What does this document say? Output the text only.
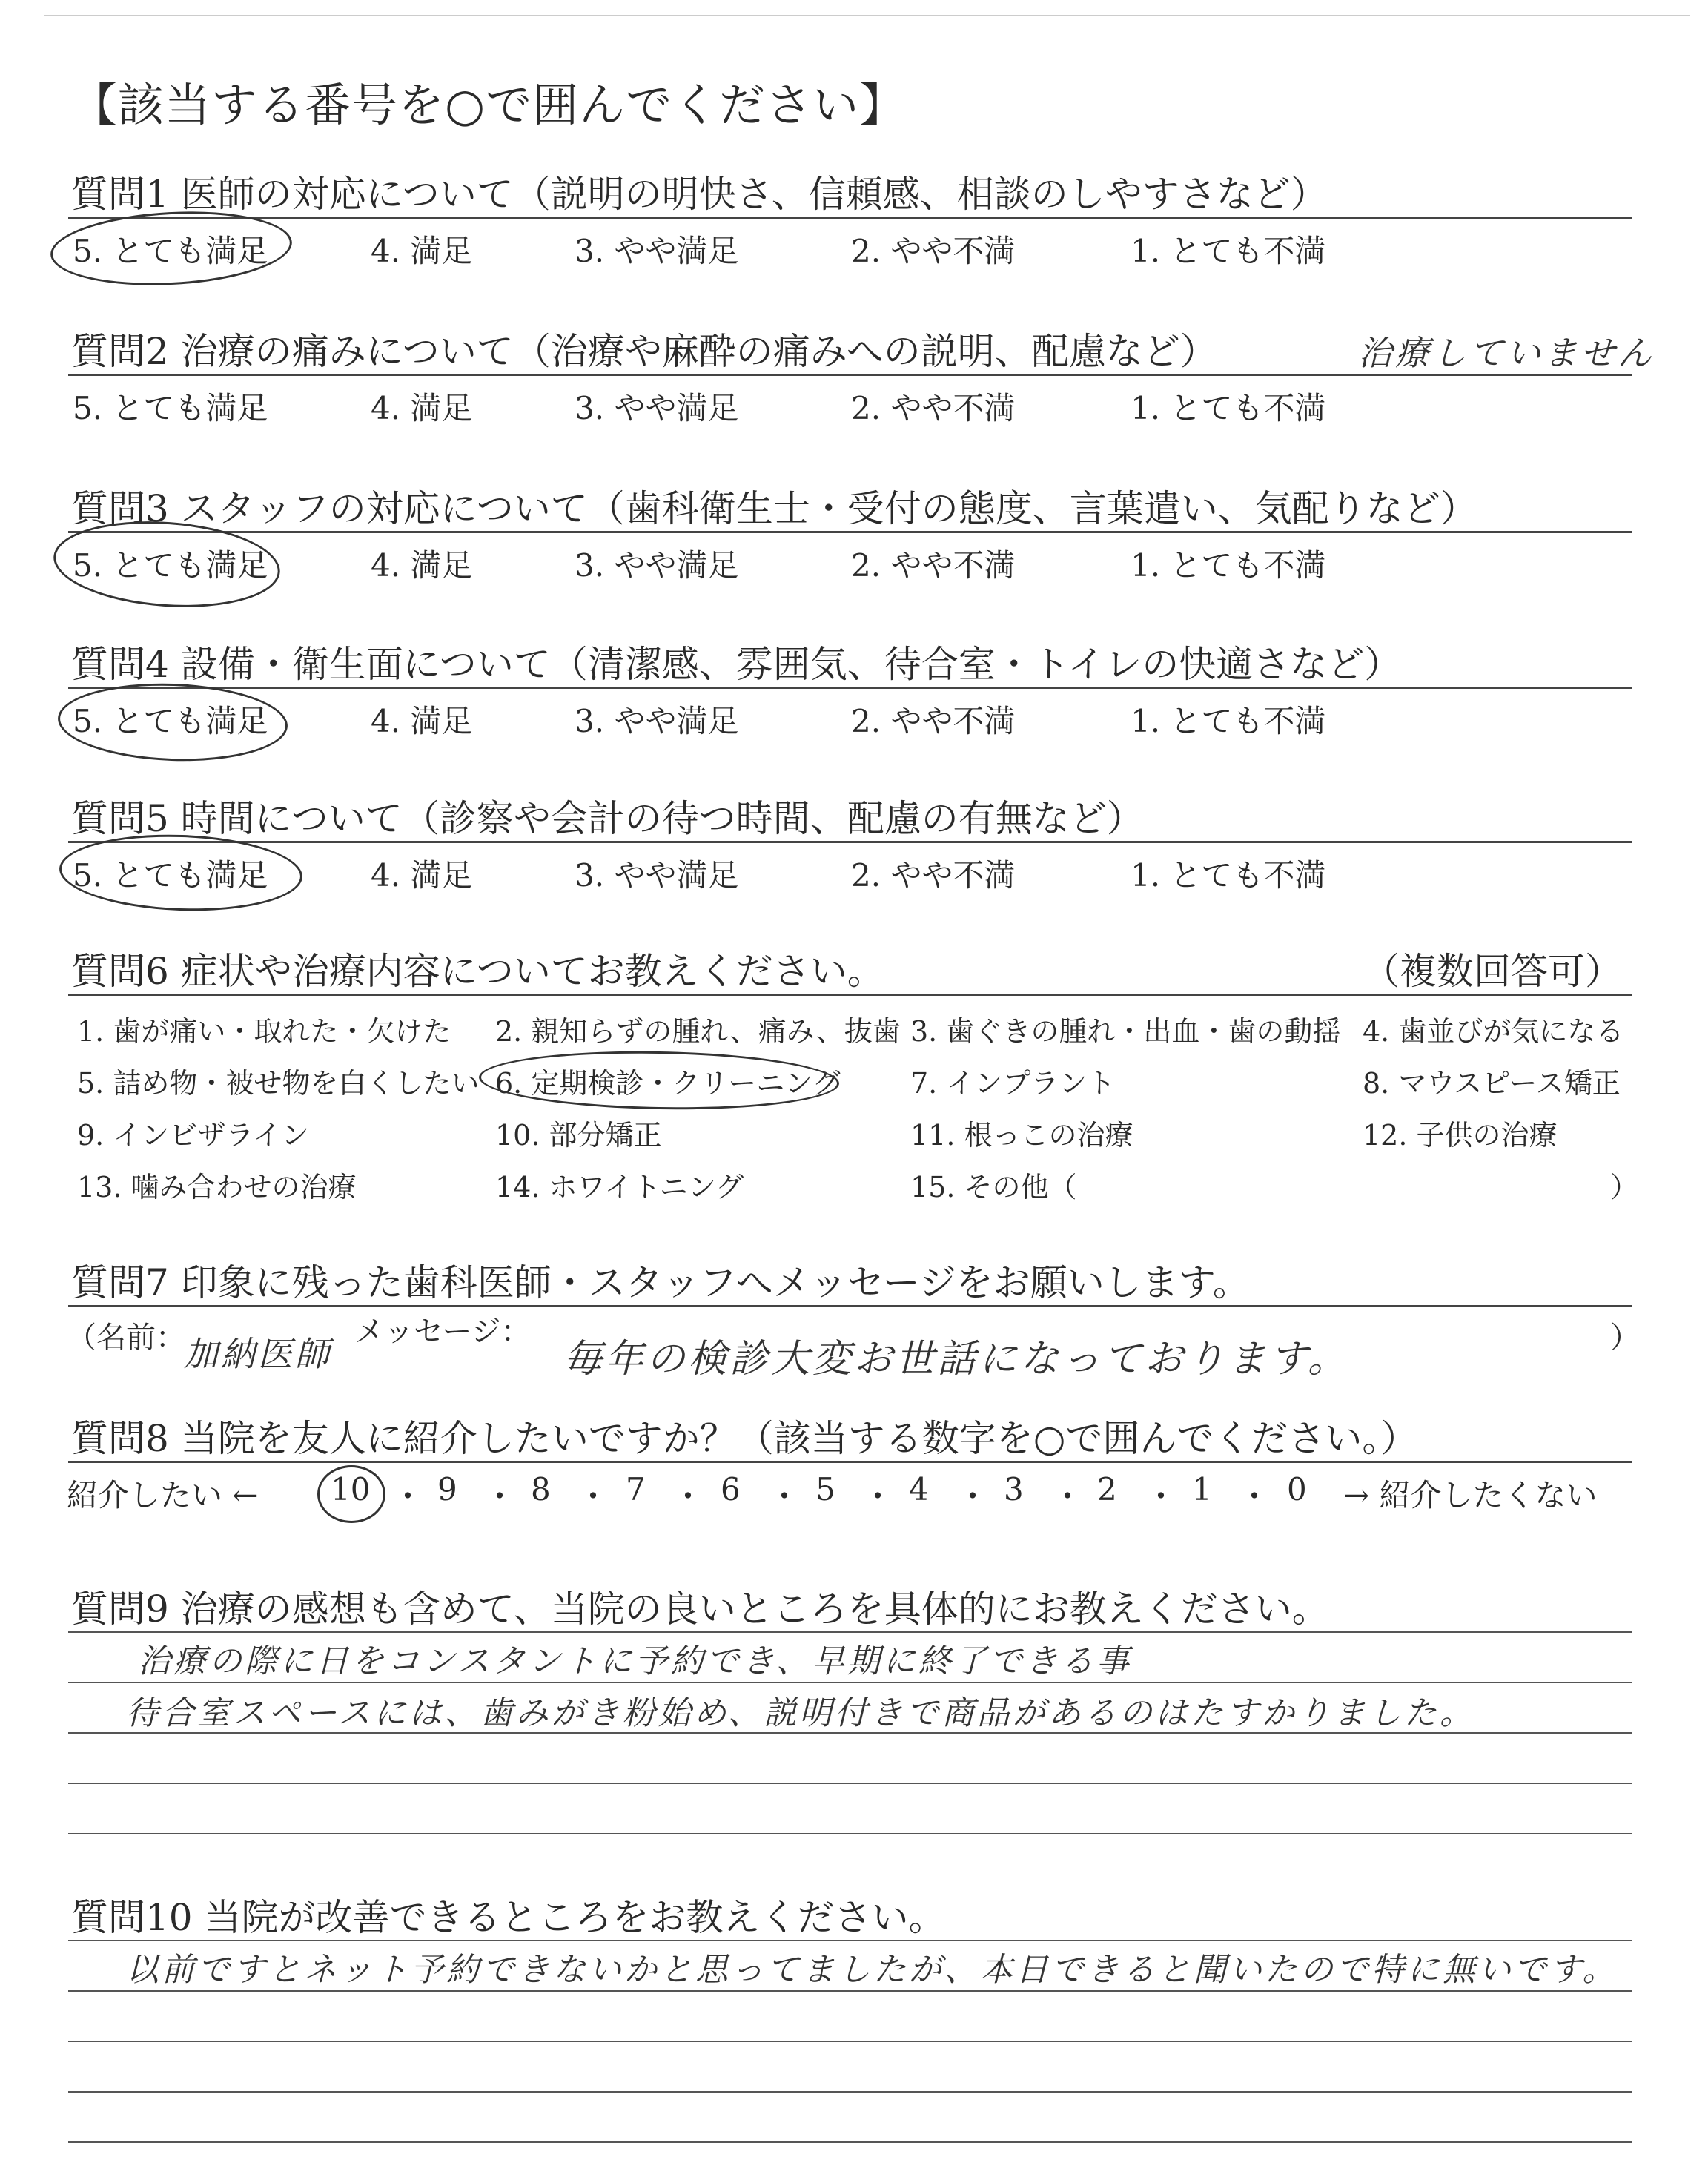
【該当する番号を○で囲んでください】
質問1 医師の対応について（説明の明快さ、信頼感、相談のしやすさなど）
5. とても満足	4. 満足	3. やや満足	2. やや不満	1. とても不満
質問2 治療の痛みについて（治療や麻酔の痛みへの説明、配慮など）	治療していません
5. とても満足	4. 満足	3. やや満足	2. やや不満	1. とても不満
質問3 スタッフの対応について（歯科衛生士・受付の態度、言葉遣い、気配りなど）
5. とても満足	4. 満足	3. やや満足	2. やや不満	1. とても不満
質問4 設備・衛生面について（清潔感、雰囲気、待合室・トイレの快適さなど）
5. とても満足	4. 満足	3. やや満足	2. やや不満	1. とても不満
質問5 時間について（診察や会計の待つ時間、配慮の有無など）
5. とても満足	4. 満足	3. やや満足	2. やや不満	1. とても不満
質問6 症状や治療内容についてお教えください。	（複数回答可）
1. 歯が痛い・取れた・欠けた 2. 親知らずの腫れ、痛み、抜歯 3. 歯ぐきの腫れ・出血・歯の動揺 4. 歯並びが気になる
5. 詰め物・被せ物を白くしたい 6. 定期検診・クリーニング 7. インプラント	8. マウスピース矯正
9. インビザライン	10. 部分矯正	11. 根っこの治療	12. 子供の治療
13. 噛み合わせの治療	14. ホワイトニング	15. その他（	）
質問7 印象に残った歯科医師・スタッフへメッセージをお願いします。
（名前：
加納医師
メッセージ：
毎年の検診大変お世話になっております。	）
質問8 当院を友人に紹介したいですか？（該当する数字を○で囲んでください。）
紹介したい ← 10 ・ 9 ・ 8 ・ 7 ・ 6 ・ 5 ・ 4 ・ 3 ・ 2 ・ 1 ・ 0 → 紹介したくない
質問9 治療の感想も含めて、当院の良いところを具体的にお教えください。
治療の際に日をコンスタントに予約でき、早期に終了できる事
待合室スペースには、歯みがき粉始め、説明付きで商品があるのはたすかりました。
質問10 当院が改善できるところをお教えください。
以前ですとネット予約できないかと思ってましたが、本日できると聞いたので特に無いです。
